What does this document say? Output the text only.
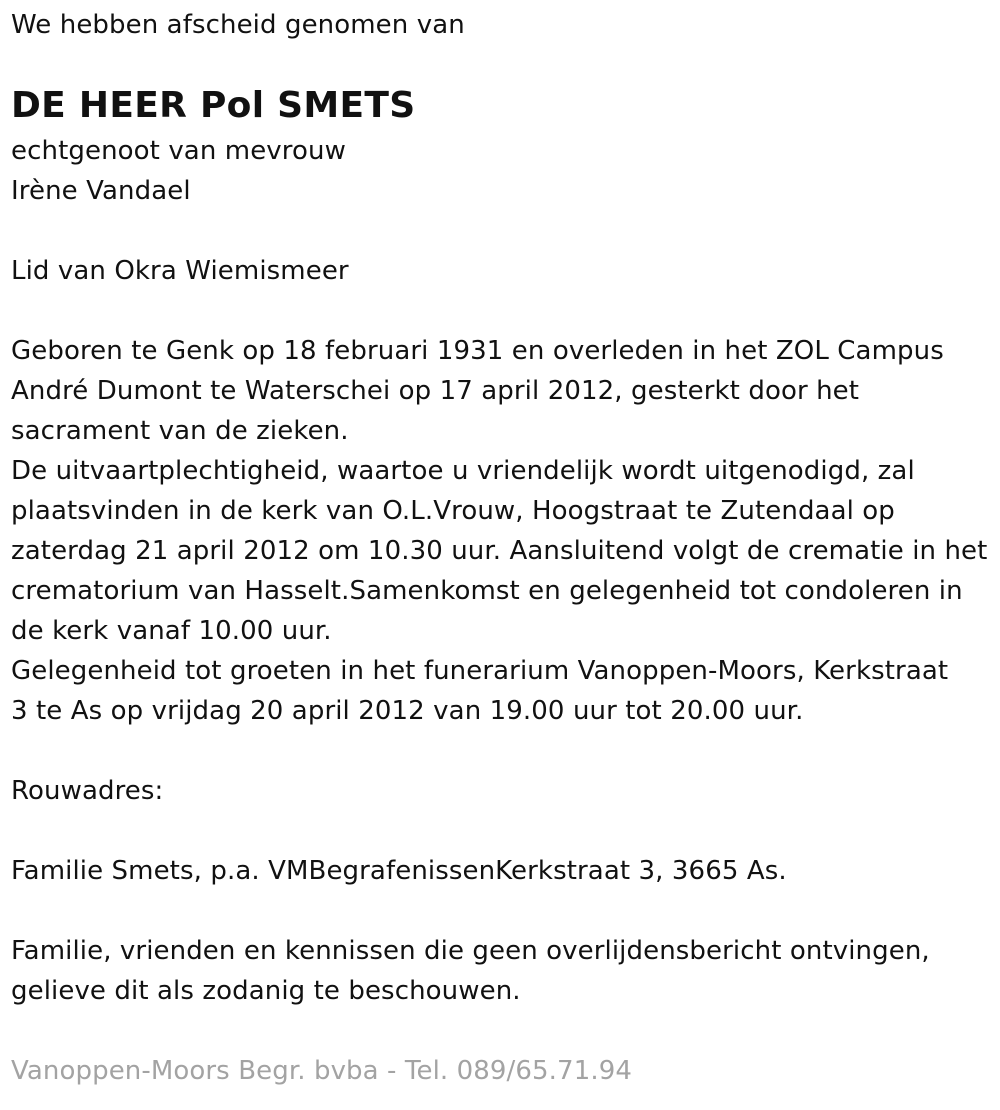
We hebben afscheid genomen van
DE HEER Pol SMETS
echtgenoot van mevrouw
Irène Vandael
Lid van Okra Wiemismeer
Geboren te Genk op 18 februari 1931 en overleden in het ZOL Campus
André Dumont te Waterschei op 17 april 2012, gesterkt door het
sacrament van de zieken.
De uitvaartplechtigheid, waartoe u vriendelijk wordt uitgenodigd, zal
plaatsvinden in de kerk van O.L.Vrouw, Hoogstraat te Zutendaal op
zaterdag 21 april 2012 om 10.30 uur. Aansluitend volgt de crematie in het
crematorium van Hasselt.Samenkomst en gelegenheid tot condoleren in
de kerk vanaf 10.00 uur.
Gelegenheid tot groeten in het funerarium Vanoppen-Moors, Kerkstraat
3 te As op vrijdag 20 april 2012 van 19.00 uur tot 20.00 uur.
Rouwadres:
Familie Smets, p.a. VMBegrafenissenKerkstraat 3, 3665 As.
Familie, vrienden en kennissen die geen overlijdensbericht ontvingen,
gelieve dit als zodanig te beschouwen.
Vanoppen-Moors Begr. bvba - Tel. 089/65.71.94
